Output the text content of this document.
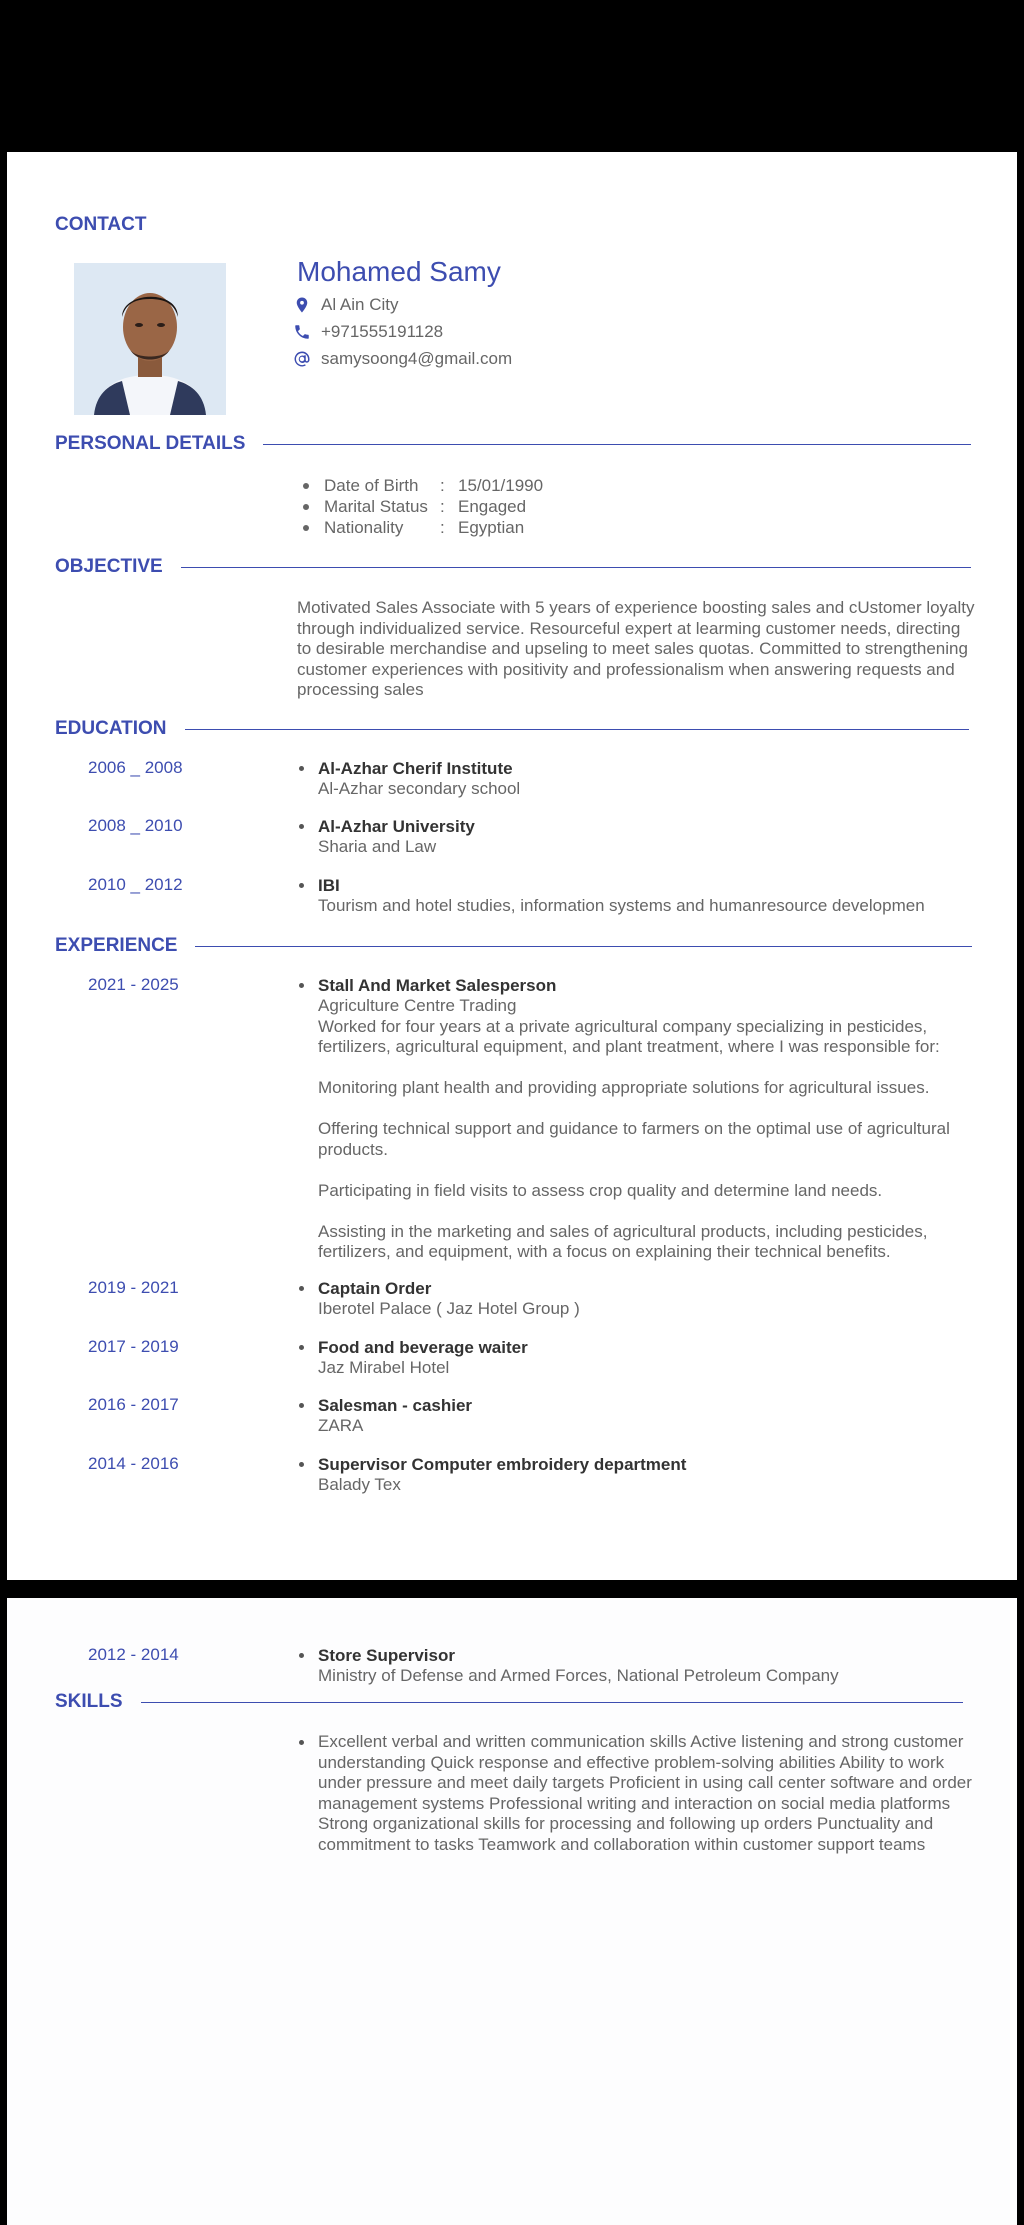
CONTACT
Mohamed Samy
Al Ain City
+971555191128
samysoong4@gmail.com
PERSONAL DETAILS
Date of Birth	: 15/01/1990
Marital Status : Engaged
Nationality	: Egyptian
OBJECTIVE
Motivated Sales Associate with 5 years of experience boosting sales and cUstomer loyalty through individualized service. Resourceful expert at learming customer needs, directing to desirable merchandise and upseling to meet sales quotas. Committed to strengthening customer experiences with positivity and professionalism when answering requests and processing sales
EDUCATION
2006 _ 2008	Al-Azhar Cherif Institute
Al-Azhar secondary school
2008 _ 2010	Al-Azhar University
Sharia and Law
2010 _ 2012	IBI
Tourism and hotel studies, information systems and humanresource developmen
EXPERIENCE
2021 - 2025	Stall And Market Salesperson
Agriculture Centre Trading

Worked for four years at a private agricultural company specializing in pesticides, fertilizers, agricultural equipment, and plant treatment, where I was responsible for:

Monitoring plant health and providing appropriate solutions for agricultural issues.

Offering technical support and guidance to farmers on the optimal use of agricultural products.

Participating in field visits to assess crop quality and determine land needs.

Assisting in the marketing and sales of agricultural products, including pesticides, fertilizers, and equipment, with a focus on explaining their technical benefits.

2019 - 2021	Captain Order
Iberotel Palace ( Jaz Hotel Group )
2017 - 2019	Food and beverage waiter
Jaz Mirabel Hotel
2016 - 2017	Salesman - cashier
ZARA
2014 - 2016	Supervisor Computer embroidery department
Balady Tex
2012 - 2014	Store Supervisor
Ministry of Defense and Armed Forces, National Petroleum Company
SKILLS
Excellent verbal and written communication skills Active listening and strong customer understanding Quick response and effective problem-solving abilities Ability to work under pressure and meet daily targets Proficient in using call center software and order management systems Professional writing and interaction on social media platforms Strong organizational skills for processing and following up orders Punctuality and commitment to tasks Teamwork and collaboration within customer support teams
